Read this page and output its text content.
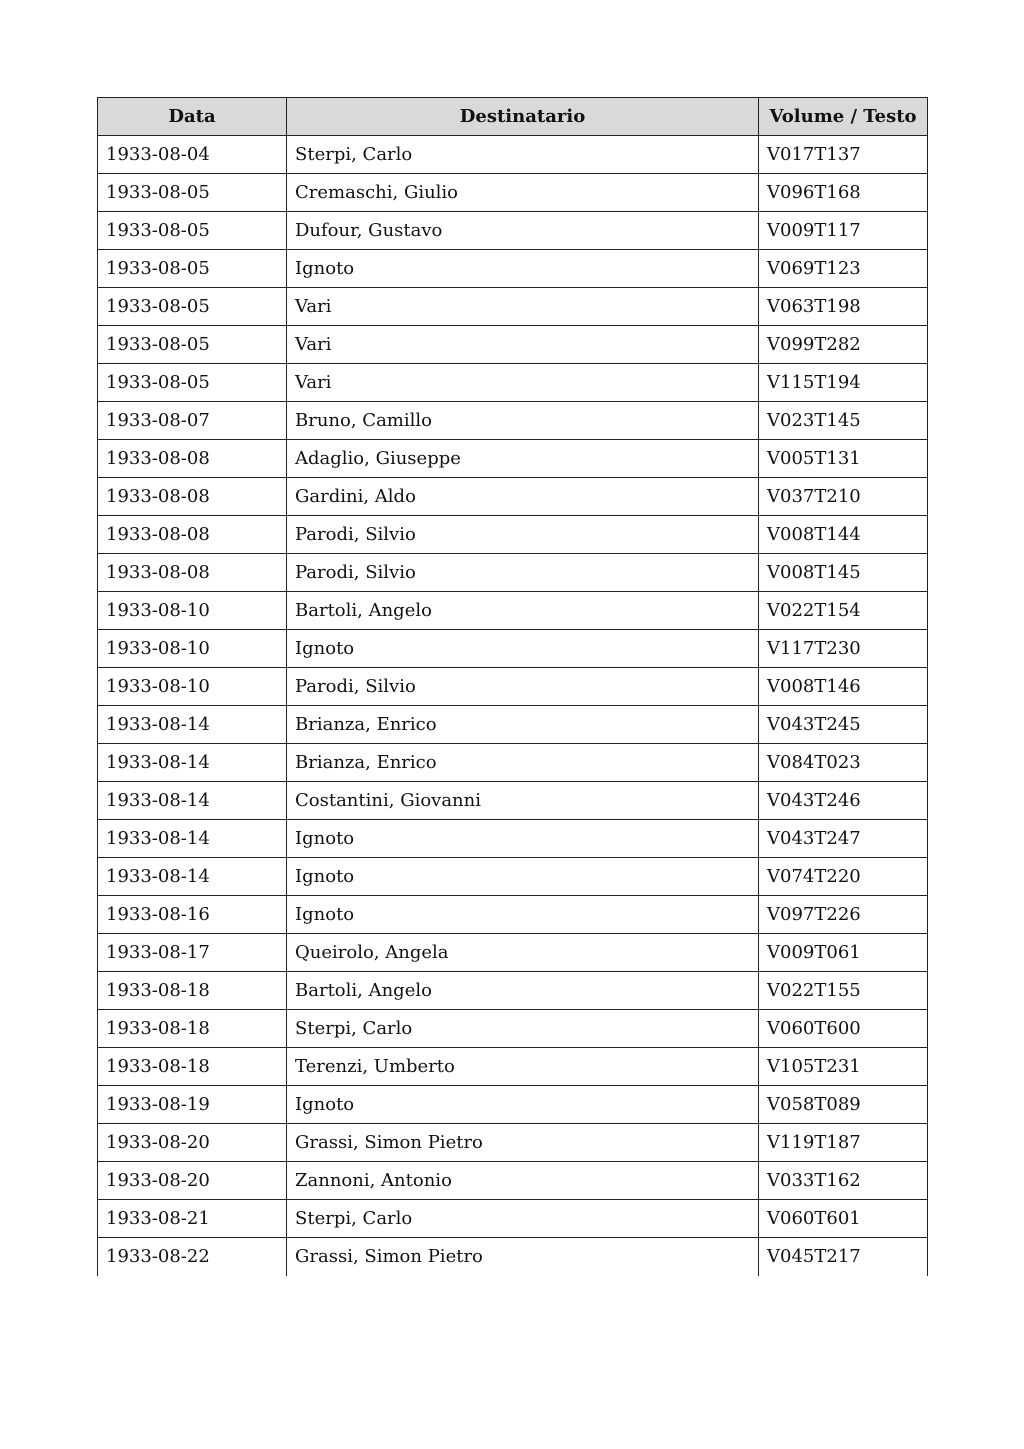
Data	Destinatario	Volume / Testo
1933-08-04	Sterpi, Carlo	V017T137
1933-08-05	Cremaschi, Giulio	V096T168
1933-08-05	Dufour, Gustavo	V009T117
1933-08-05	Ignoto	V069T123
1933-08-05	Vari	V063T198
1933-08-05	Vari	V099T282
1933-08-05	Vari	V115T194
1933-08-07	Bruno, Camillo	V023T145
1933-08-08	Adaglio, Giuseppe	V005T131
1933-08-08	Gardini, Aldo	V037T210
1933-08-08	Parodi, Silvio	V008T144
1933-08-08	Parodi, Silvio	V008T145
1933-08-10	Bartoli, Angelo	V022T154
1933-08-10	Ignoto	V117T230
1933-08-10	Parodi, Silvio	V008T146
1933-08-14	Brianza, Enrico	V043T245
1933-08-14	Brianza, Enrico	V084T023
1933-08-14	Costantini, Giovanni	V043T246
1933-08-14	Ignoto	V043T247
1933-08-14	Ignoto	V074T220
1933-08-16	Ignoto	V097T226
1933-08-17	Queirolo, Angela	V009T061
1933-08-18	Bartoli, Angelo	V022T155
1933-08-18	Sterpi, Carlo	V060T600
1933-08-18	Terenzi, Umberto	V105T231
1933-08-19	Ignoto	V058T089
1933-08-20	Grassi, Simon Pietro	V119T187
1933-08-20	Zannoni, Antonio	V033T162
1933-08-21	Sterpi, Carlo	V060T601
1933-08-22	Grassi, Simon Pietro	V045T217
